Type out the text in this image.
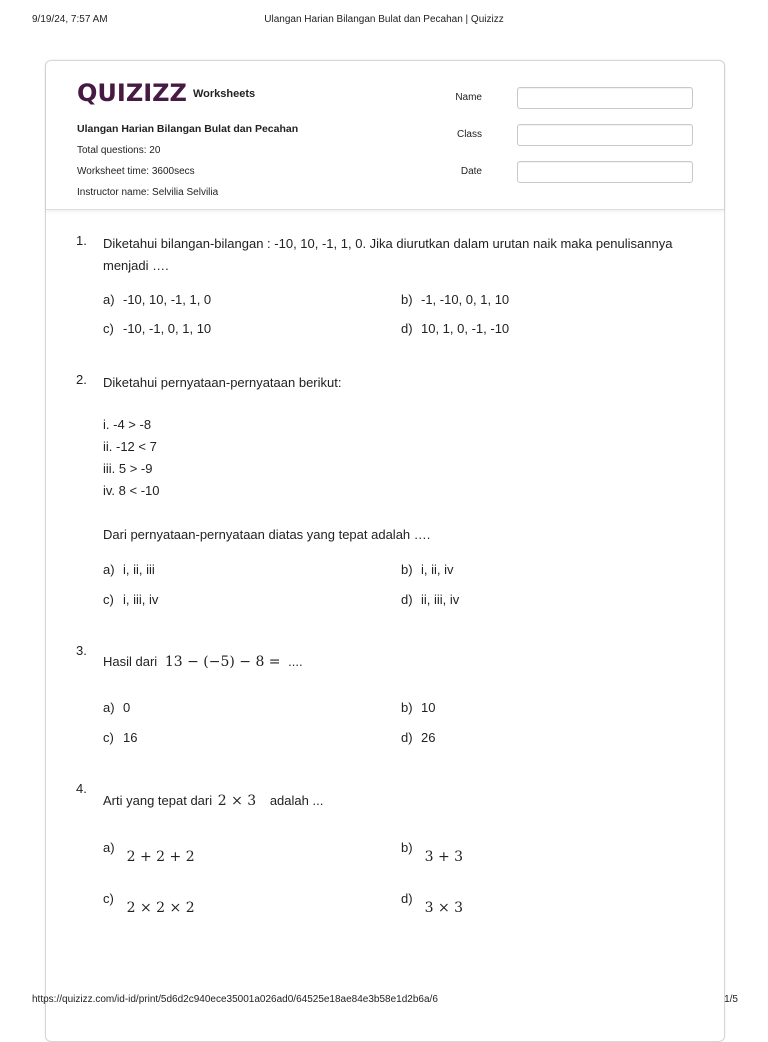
9/19/24, 7:57 AM	Ulangan Harian Bilangan Bulat dan Pecahan | Quizizz
QUIZIZZ Worksheets
Ulangan Harian Bilangan Bulat dan Pecahan
Total questions: 20
Worksheet time: 3600secs
Instructor name: Selvilia Selvilia
Name
Class
Date
1. Diketahui bilangan-bilangan : -10, 10, -1, 1, 0. Jika diurutkan dalam urutan naik maka penulisannya menjadi ….
a) -10, 10, -1, 1, 0	b) -1, -10, 0, 1, 10
c) -10, -1, 0, 1, 10	d) 10, 1, 0, -1, -10
2. Diketahui pernyataan-pernyataan berikut:
i. -4 > -8
ii. -12 < 7
iii. 5 > -9
iv. 8 < -10
Dari pernyataan-pernyataan diatas yang tepat adalah ….
a) i, ii, iii	b) i, ii, iv
c) i, iii, iv	d) ii, iii, iv
3.
Hasil dari 13 − (−5) − 8 = ....
a) 0	b) 10
c) 16	d) 26
4.
Arti yang tepat dari 2 × 3 adalah ...
a) 2 + 2 + 2
b) 3 + 3
c) 2 × 2 × 2
d) 3 × 3
https://quizizz.com/id-id/print/5d6d2c940ece35001a026ad0/64525e18ae84e3b58e1d2b6a/6	1/5
